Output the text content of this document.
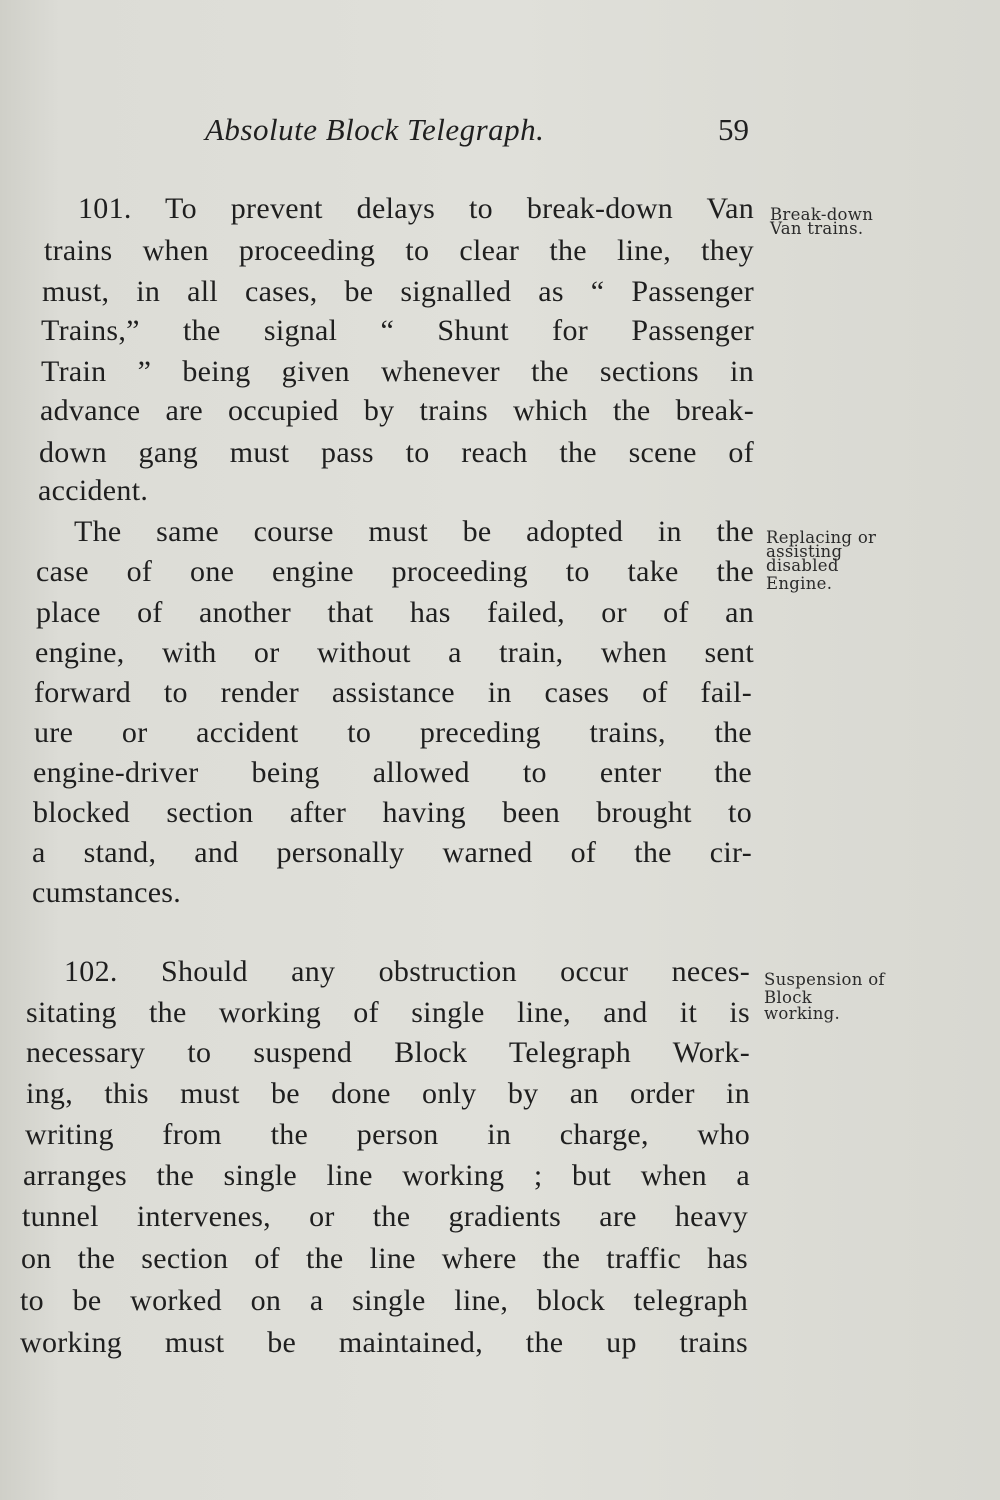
Absolute Block Telegraph.	59
101. To prevent delays to break-down Van
trains when proceeding to clear the line, they
must, in all cases, be signalled as “ Passenger
Trains,” the signal “ Shunt for Passenger
Train ” being given whenever the sections in
advance are occupied by trains which the break-
down gang must pass to reach the scene of
accident.
Break-down
Van trains.
The same course must be adopted in the
case of one engine proceeding to take the
place of another that has failed, or of an
engine, with or without a train, when sent
forward to render assistance in cases of fail-
ure or accident to preceding trains, the
engine-driver being allowed to enter the
blocked section after having been brought to
a stand, and personally warned of the cir-
cumstances.
Replacing or
assisting
disabled
Engine.
102. Should any obstruction occur neces-
sitating the working of single line, and it is
necessary to suspend Block Telegraph Work-
ing, this must be done only by an order in
writing from the person in charge, who
arranges the single line working ; but when a
tunnel intervenes, or the gradients are heavy
on the section of the line where the traffic has
to be worked on a single line, block telegraph
working must be maintained, the up trains
Suspension of
Block
working.
